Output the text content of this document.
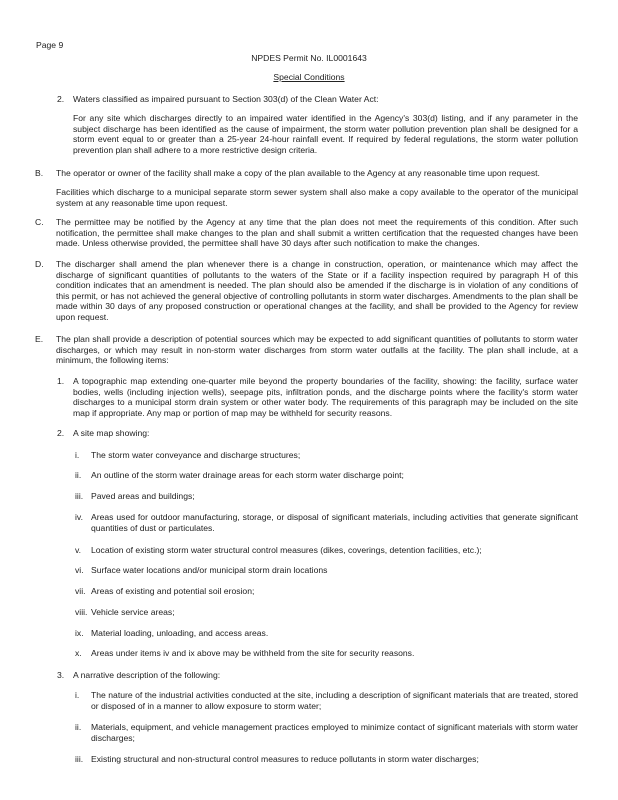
Page 9
NPDES Permit No. IL0001643
Special Conditions
2. Waters classified as impaired pursuant to Section 303(d) of the Clean Water Act:
For any site which discharges directly to an impaired water identified in the Agency's 303(d) listing, and if any parameter in the subject discharge has been identified as the cause of impairment, the storm water pollution prevention plan shall be designed for a storm event equal to or greater than a 25-year 24-hour rainfall event. If required by federal regulations, the storm water pollution prevention plan shall adhere to a more restrictive design criteria.
B. The operator or owner of the facility shall make a copy of the plan available to the Agency at any reasonable time upon request.
Facilities which discharge to a municipal separate storm sewer system shall also make a copy available to the operator of the municipal system at any reasonable time upon request.
C. The permittee may be notified by the Agency at any time that the plan does not meet the requirements of this condition. After such notification, the permittee shall make changes to the plan and shall submit a written certification that the requested changes have been made. Unless otherwise provided, the permittee shall have 30 days after such notification to make the changes.
D. The discharger shall amend the plan whenever there is a change in construction, operation, or maintenance which may affect the discharge of significant quantities of pollutants to the waters of the State or if a facility inspection required by paragraph H of this condition indicates that an amendment is needed. The plan should also be amended if the discharge is in violation of any conditions of this permit, or has not achieved the general objective of controlling pollutants in storm water discharges. Amendments to the plan shall be made within 30 days of any proposed construction or operational changes at the facility, and shall be provided to the Agency for review upon request.
E. The plan shall provide a description of potential sources which may be expected to add significant quantities of pollutants to storm water discharges, or which may result in non-storm water discharges from storm water outfalls at the facility. The plan shall include, at a minimum, the following items:
1. A topographic map extending one-quarter mile beyond the property boundaries of the facility, showing: the facility, surface water bodies, wells (including injection wells), seepage pits, infiltration ponds, and the discharge points where the facility's storm water discharges to a municipal storm drain system or other water body. The requirements of this paragraph may be included on the site map if appropriate. Any map or portion of map may be withheld for security reasons.
2. A site map showing:
i. The storm water conveyance and discharge structures;
ii. An outline of the storm water drainage areas for each storm water discharge point;
iii. Paved areas and buildings;
iv. Areas used for outdoor manufacturing, storage, or disposal of significant materials, including activities that generate significant quantities of dust or particulates.
v. Location of existing storm water structural control measures (dikes, coverings, detention facilities, etc.);
vi. Surface water locations and/or municipal storm drain locations
vii. Areas of existing and potential soil erosion;
viii. Vehicle service areas;
ix. Material loading, unloading, and access areas.
x. Areas under items iv and ix above may be withheld from the site for security reasons.
3. A narrative description of the following:
i. The nature of the industrial activities conducted at the site, including a description of significant materials that are treated, stored or disposed of in a manner to allow exposure to storm water;
ii. Materials, equipment, and vehicle management practices employed to minimize contact of significant materials with storm water discharges;
iii. Existing structural and non-structural control measures to reduce pollutants in storm water discharges;
